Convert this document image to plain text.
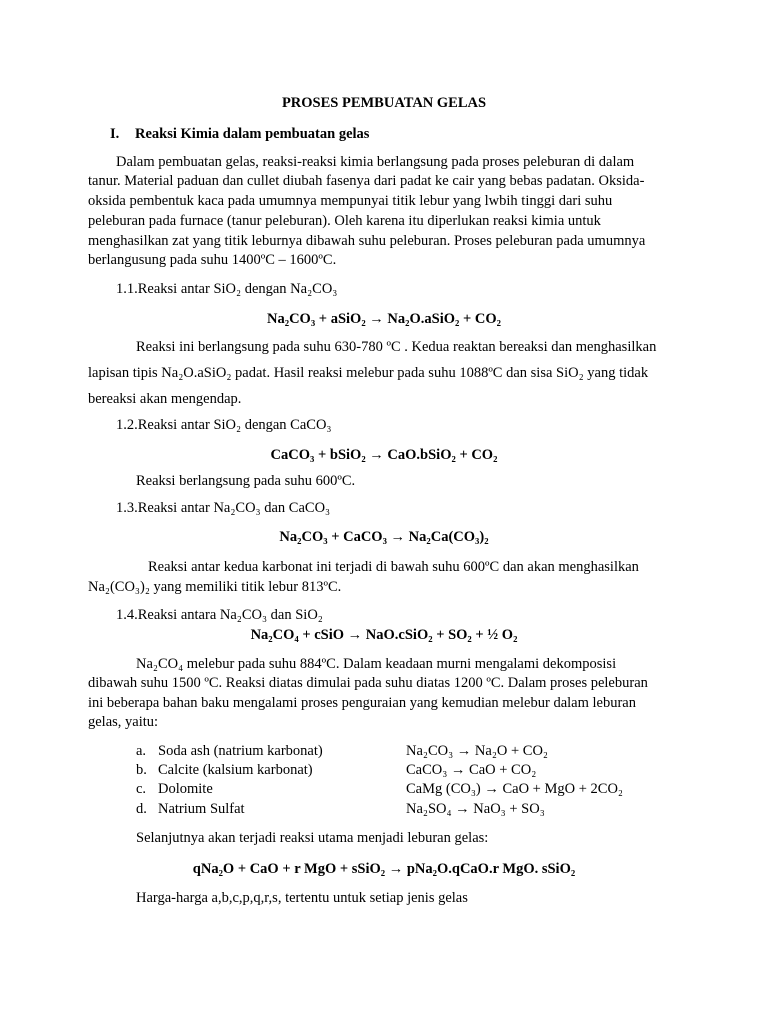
PROSES PEMBUATAN GELAS
I. Reaksi Kimia dalam pembuatan gelas
Dalam pembuatan gelas, reaksi-reaksi kimia berlangsung pada proses peleburan di dalam
tanur. Material paduan dan cullet diubah fasenya dari padat ke cair yang bebas padatan. Oksida-
oksida pembentuk kaca pada umumnya mempunyai titik lebur yang lwbih tinggi dari suhu
peleburan pada furnace (tanur peleburan). Oleh karena itu diperlukan reaksi kimia untuk
menghasilkan zat yang titik leburnya dibawah suhu peleburan. Proses peleburan pada umumnya
berlangusung pada suhu 1400ºC – 1600ºC.
1.1.Reaksi antar SiO₂ dengan Na₂CO₃
Na₂CO₃ + aSiO₂ → Na₂O.aSiO₂ + CO₂
Reaksi ini berlangsung pada suhu 630-780 ºC . Kedua reaktan bereaksi dan menghasilkan
lapisan tipis Na₂O.aSiO₂ padat. Hasil reaksi melebur pada suhu 1088ºC dan sisa SiO₂ yang tidak
bereaksi akan mengendap.
1.2.Reaksi antar SiO₂ dengan CaCO₃
CaCO₃ + bSiO₂ → CaO.bSiO₂ + CO₂
Reaksi berlangsung pada suhu 600ºC.
1.3.Reaksi antar Na₂CO₃ dan CaCO₃
Na₂CO₃ + CaCO₃ → Na₂Ca(CO₃)₂
Reaksi antar kedua karbonat ini terjadi di bawah suhu 600ºC dan akan menghasilkan
Na₂(CO₃)₂ yang memiliki titik lebur 813ºC.
1.4.Reaksi antara Na₂CO₃ dan SiO₂
Na₂CO₄ + cSiO → NaO.cSiO₂ + SO₂ + ½ O₂
Na₂CO₄ melebur pada suhu 884ºC. Dalam keadaan murni mengalami dekomposisi
dibawah suhu 1500 ºC. Reaksi diatas dimulai pada suhu diatas 1200 ºC. Dalam proses peleburan
ini beberapa bahan baku mengalami proses penguraian yang kemudian melebur dalam leburan
gelas, yaitu:
a. Soda ash (natrium karbonat)	Na₂CO₃ → Na₂O + CO₂
b. Calcite (kalsium karbonat)	CaCO₃ → CaO + CO₂
c. Dolomite	CaMg (CO₃) → CaO + MgO + 2CO₂
d. Natrium Sulfat	Na₂SO₄ → NaO₃ + SO₃
Selanjutnya akan terjadi reaksi utama menjadi leburan gelas:
qNa₂O + CaO + r MgO + sSiO₂ → pNa₂O.qCaO.r MgO. sSiO₂
Harga-harga a,b,c,p,q,r,s, tertentu untuk setiap jenis gelas
